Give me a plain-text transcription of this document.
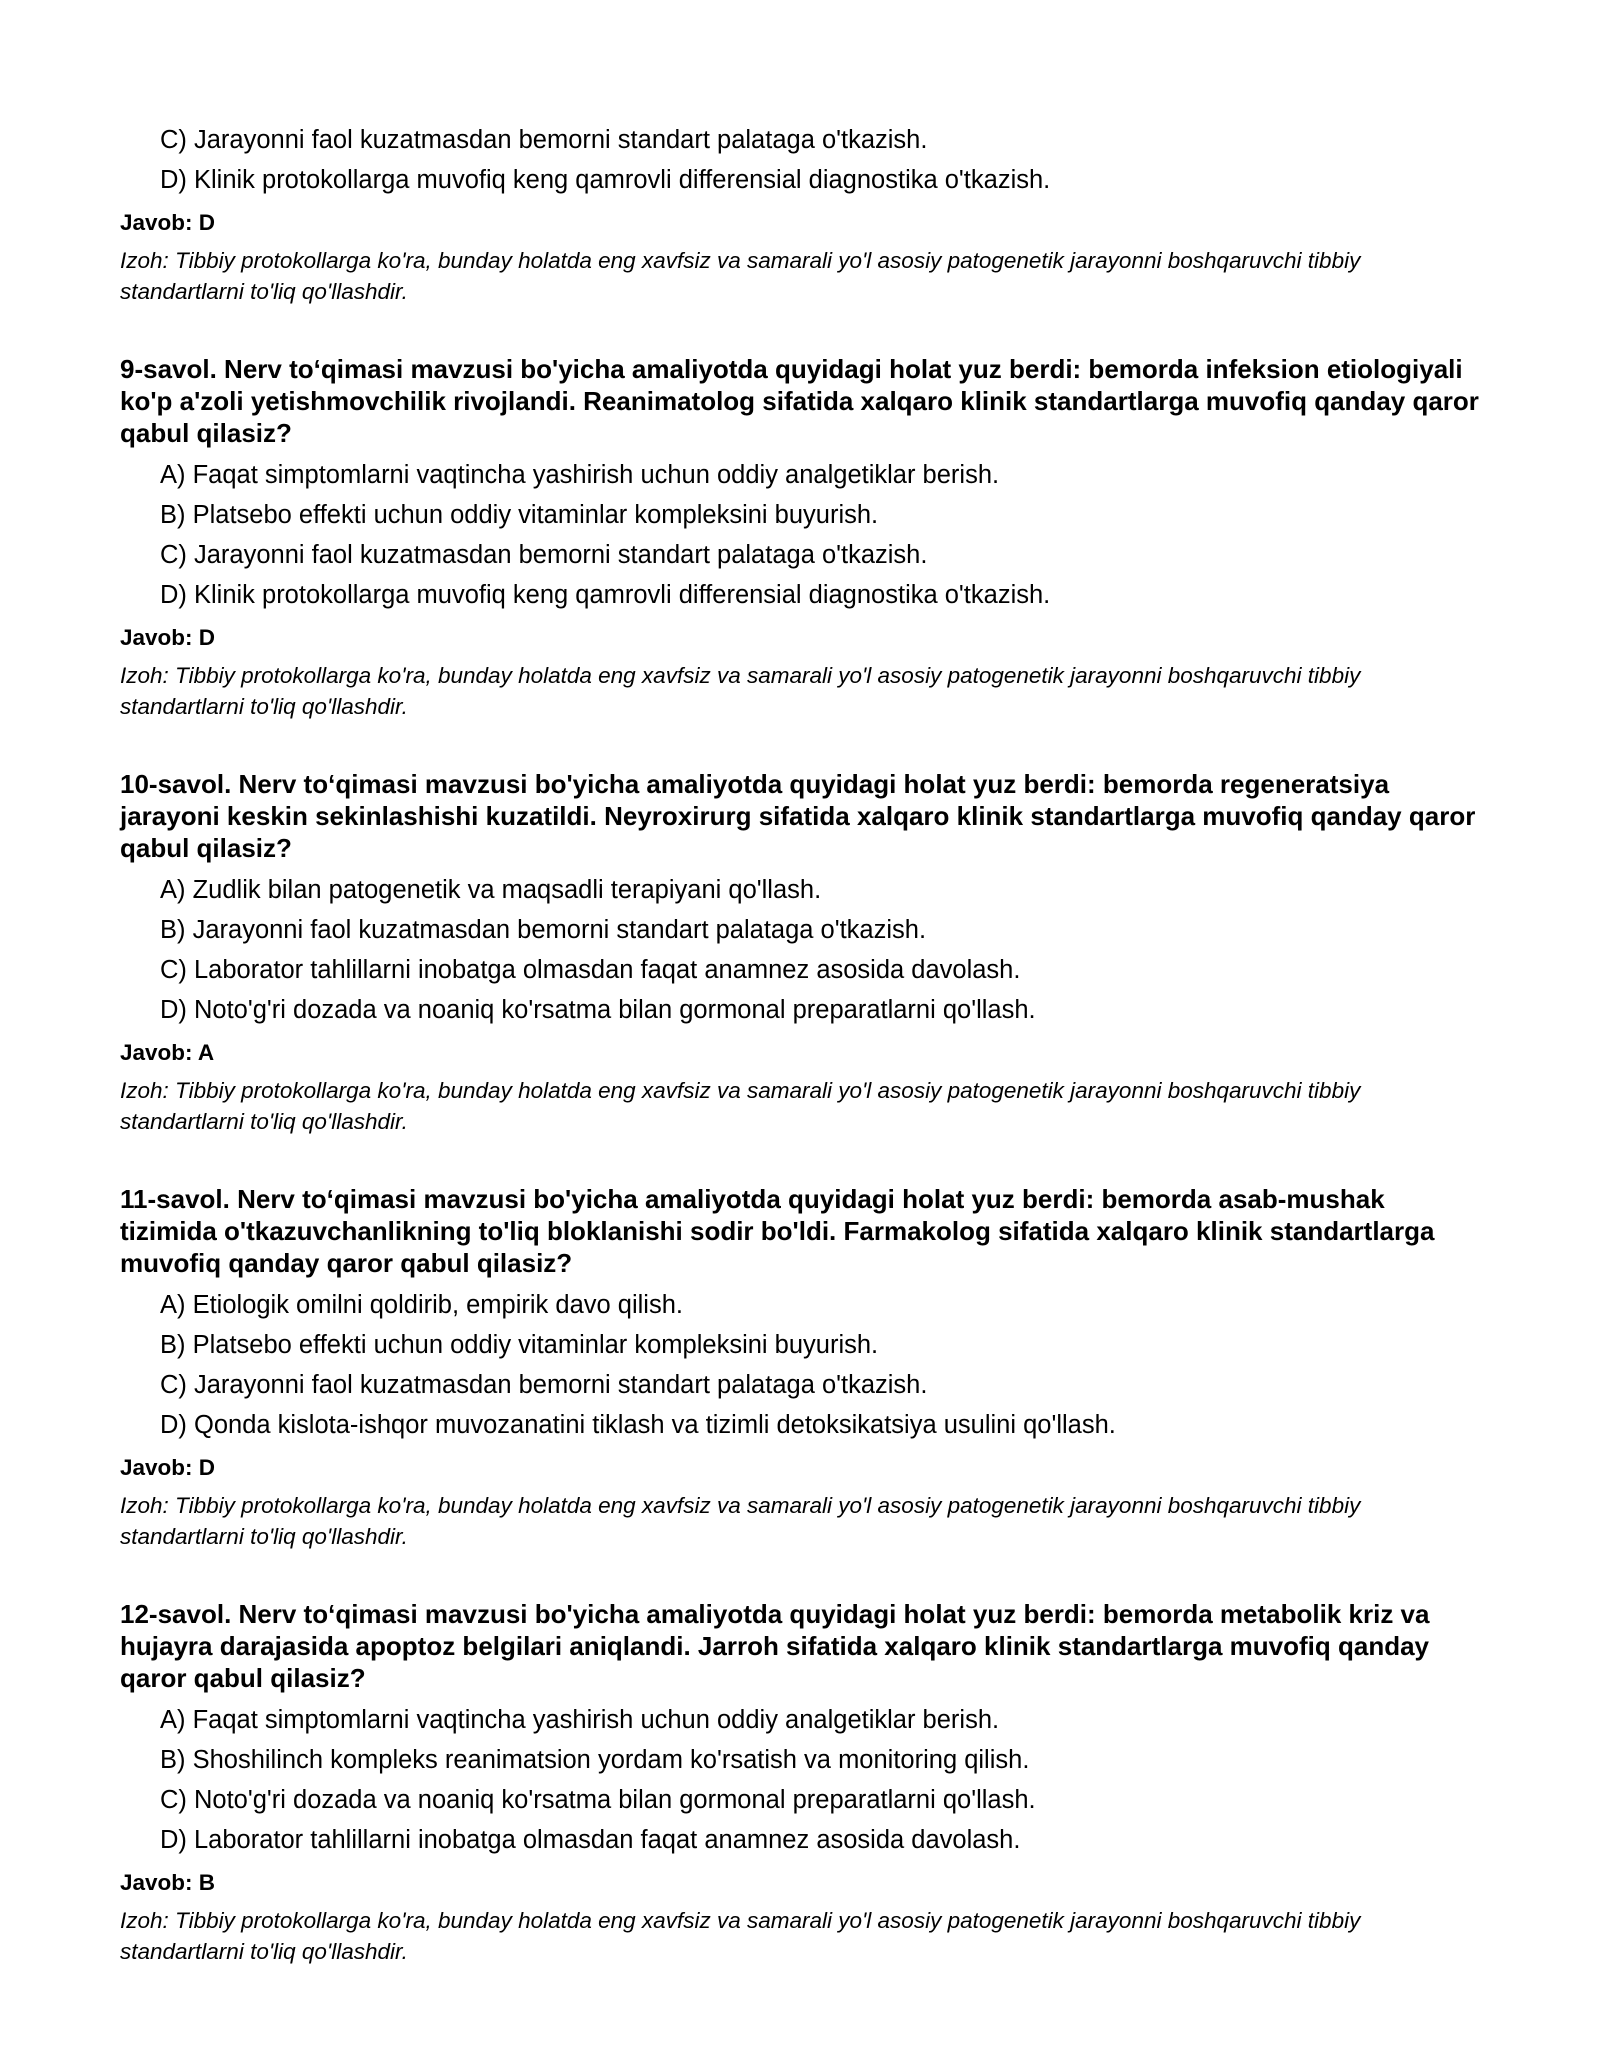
C) Jarayonni faol kuzatmasdan bemorni standart palataga o'tkazish.
D) Klinik protokollarga muvofiq keng qamrovli differensial diagnostika o'tkazish.
Javob: D
Izoh: Tibbiy protokollarga ko'ra, bunday holatda eng xavfsiz va samarali yo'l asosiy patogenetik jarayonni boshqaruvchi tibbiy standartlarni to'liq qo'llashdir.
9-savol. Nerv to‘qimasi mavzusi bo'yicha amaliyotda quyidagi holat yuz berdi: bemorda infeksion etiologiyali ko'p a'zoli yetishmovchilik rivojlandi. Reanimatolog sifatida xalqaro klinik standartlarga muvofiq qanday qaror qabul qilasiz?
A) Faqat simptomlarni vaqtincha yashirish uchun oddiy analgetiklar berish.
B) Platsebo effekti uchun oddiy vitaminlar kompleksini buyurish.
C) Jarayonni faol kuzatmasdan bemorni standart palataga o'tkazish.
D) Klinik protokollarga muvofiq keng qamrovli differensial diagnostika o'tkazish.
Javob: D
Izoh: Tibbiy protokollarga ko'ra, bunday holatda eng xavfsiz va samarali yo'l asosiy patogenetik jarayonni boshqaruvchi tibbiy standartlarni to'liq qo'llashdir.
10-savol. Nerv to‘qimasi mavzusi bo'yicha amaliyotda quyidagi holat yuz berdi: bemorda regeneratsiya jarayoni keskin sekinlashishi kuzatildi. Neyroxirurg sifatida xalqaro klinik standartlarga muvofiq qanday qaror qabul qilasiz?
A) Zudlik bilan patogenetik va maqsadli terapiyani qo'llash.
B) Jarayonni faol kuzatmasdan bemorni standart palataga o'tkazish.
C) Laborator tahlillarni inobatga olmasdan faqat anamnez asosida davolash.
D) Noto'g'ri dozada va noaniq ko'rsatma bilan gormonal preparatlarni qo'llash.
Javob: A
Izoh: Tibbiy protokollarga ko'ra, bunday holatda eng xavfsiz va samarali yo'l asosiy patogenetik jarayonni boshqaruvchi tibbiy standartlarni to'liq qo'llashdir.
11-savol. Nerv to‘qimasi mavzusi bo'yicha amaliyotda quyidagi holat yuz berdi: bemorda asab-mushak tizimida o'tkazuvchanlikning to'liq bloklanishi sodir bo'ldi. Farmakolog sifatida xalqaro klinik standartlarga muvofiq qanday qaror qabul qilasiz?
A) Etiologik omilni qoldirib, empirik davo qilish.
B) Platsebo effekti uchun oddiy vitaminlar kompleksini buyurish.
C) Jarayonni faol kuzatmasdan bemorni standart palataga o'tkazish.
D) Qonda kislota-ishqor muvozanatini tiklash va tizimli detoksikatsiya usulini qo'llash.
Javob: D
Izoh: Tibbiy protokollarga ko'ra, bunday holatda eng xavfsiz va samarali yo'l asosiy patogenetik jarayonni boshqaruvchi tibbiy standartlarni to'liq qo'llashdir.
12-savol. Nerv to‘qimasi mavzusi bo'yicha amaliyotda quyidagi holat yuz berdi: bemorda metabolik kriz va hujayra darajasida apoptoz belgilari aniqlandi. Jarroh sifatida xalqaro klinik standartlarga muvofiq qanday qaror qabul qilasiz?
A) Faqat simptomlarni vaqtincha yashirish uchun oddiy analgetiklar berish.
B) Shoshilinch kompleks reanimatsion yordam ko'rsatish va monitoring qilish.
C) Noto'g'ri dozada va noaniq ko'rsatma bilan gormonal preparatlarni qo'llash.
D) Laborator tahlillarni inobatga olmasdan faqat anamnez asosida davolash.
Javob: B
Izoh: Tibbiy protokollarga ko'ra, bunday holatda eng xavfsiz va samarali yo'l asosiy patogenetik jarayonni boshqaruvchi tibbiy standartlarni to'liq qo'llashdir.
